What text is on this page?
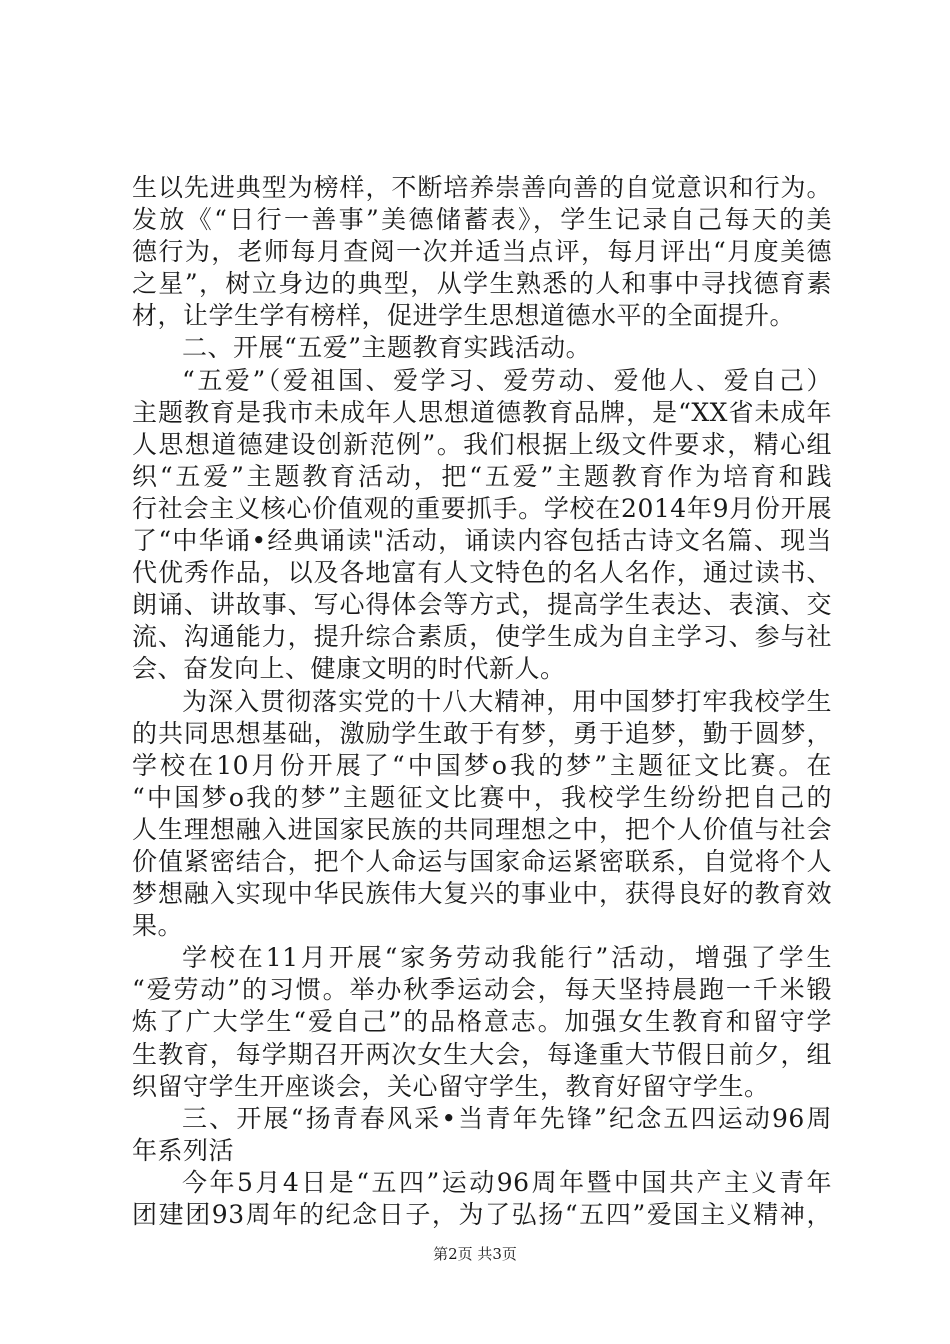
生以先进典型为榜样，不断培养崇善向善的自觉意识和行为。
发放《“日行一善事”美德储蓄表》，学生记录自己每天的美
德行为，老师每月查阅一次并适当点评，每月评出“月度美德
之星”，树立身边的典型，从学生熟悉的人和事中寻找德育素
材，让学生学有榜样，促进学生思想道德水平的全面提升。
二、开展“五爱”主题教育实践活动。
“五爱”（爱祖国、爱学习、爱劳动、爱他人、爱自己）
主题教育是我市未成年人思想道德教育品牌，是“XX省未成年
人思想道德建设创新范例”。我们根据上级文件要求，精心组
织“五爱”主题教育活动，把“五爱”主题教育作为培育和践
行社会主义核心价值观的重要抓手。学校在2014年9月份开展
了“中华诵•经典诵读"活动，诵读内容包括古诗文名篇、现当
代优秀作品，以及各地富有人文特色的名人名作，通过读书、
朗诵、讲故事、写心得体会等方式，提高学生表达、表演、交
流、沟通能力，提升综合素质，使学生成为自主学习、参与社
会、奋发向上、健康文明的时代新人。
为深入贯彻落实党的十八大精神，用中国梦打牢我校学生
的共同思想基础，激励学生敢于有梦，勇于追梦，勤于圆梦，
学校在10月份开展了“中国梦o我的梦”主题征文比赛。在
“中国梦o我的梦”主题征文比赛中，我校学生纷纷把自己的
人生理想融入进国家民族的共同理想之中，把个人价值与社会
价值紧密结合，把个人命运与国家命运紧密联系，自觉将个人
梦想融入实现中华民族伟大复兴的事业中，获得良好的教育效
果。
学校在11月开展“家务劳动我能行”活动，增强了学生
“爱劳动”的习惯。举办秋季运动会，每天坚持晨跑一千米锻
炼了广大学生“爱自己”的品格意志。加强女生教育和留守学
生教育，每学期召开两次女生大会，每逢重大节假日前夕，组
织留守学生开座谈会，关心留守学生，教育好留守学生。
三、开展“扬青春风采•当青年先锋”纪念五四运动96周
年系列活
今年5月4日是“五四”运动96周年暨中国共产主义青年
团建团93周年的纪念日子，为了弘扬“五四”爱国主义精神，
第2页 共3页
